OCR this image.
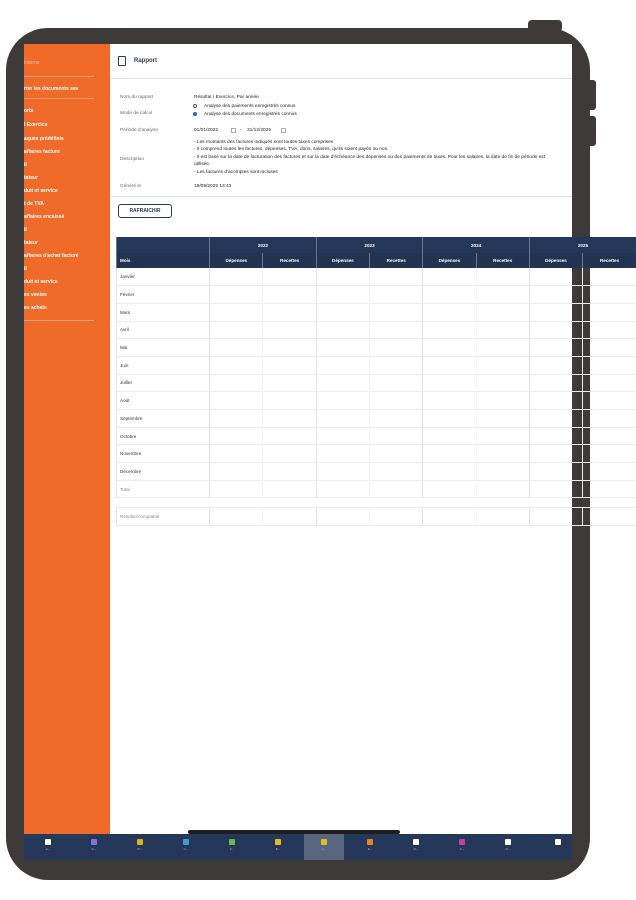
Interne
rter les documents sav
orts
l Exercice
aques prédéfinis
affaires facturé
il
tateur
duit et service
t de TVA
affaires encaissé
il
tateur
affaires d'achat facturé
il
duit et service
es ventes
es achats
Rapport
Nom du rapport	Résultat / Exercice, Par année
Mode de calcul
Analyse des paiements enregistrés connus
Analyse des documents enregistrés connus
Période d'analyse	01/01/2022	- 31/12/2025
Description
- Les montants des factures indiqués sont toutes taxes comprises
- Il comprend toutes les factures, dépenses, TVA, dons, salaires, qu'ils soient payés ou non.
- Il est basé sur la date de facturation des factures et sur la date d'échéance des dépenses ou des paiements de taxes. Pour les salaires, la date de fin de période est utilisée.
- Les factures d'acomptes sont incluses
Généré le	19/09/2025 13:43
RAFRAICHIR
	2022		2023		2024		2025	
Mois	Dépenses	Recettes	Dépenses	Recettes	Dépenses	Recettes	Dépenses	Recettes
Janvier								
Février								
Mars								
Avril								
Mai								
Juin								
Juillet								
Août								
Septembre								
Octobre								
Novembre								
Décembre								
Total								

Résultat comptable								
A...	G...	Pr...	C...	F...	B...	A...	E...	D...	A...	O...
